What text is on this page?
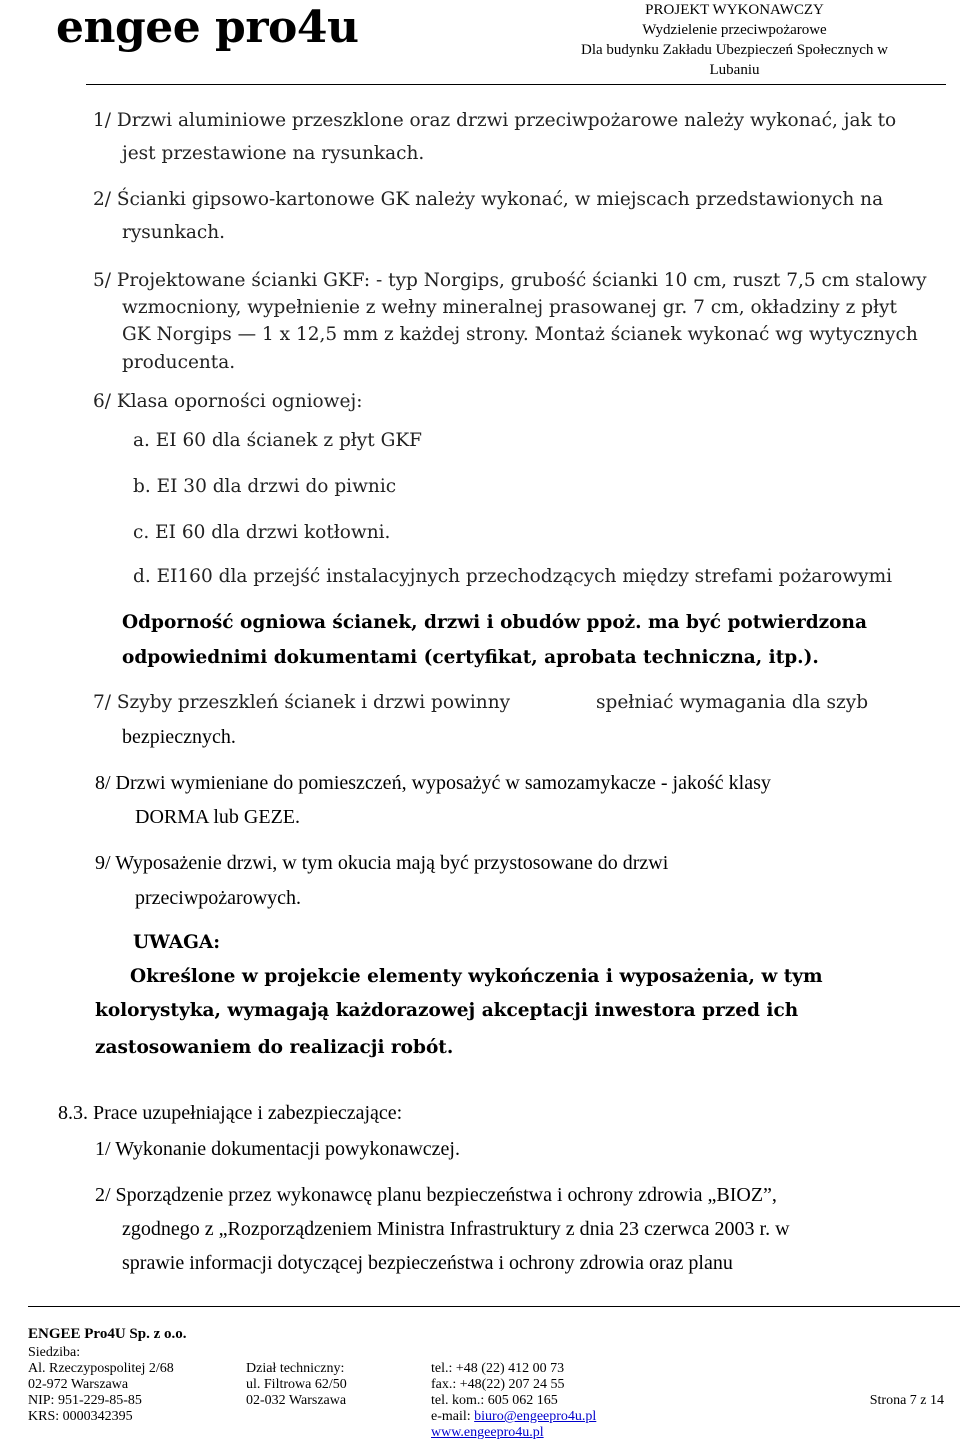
engee pro4u	PROJEKT WYKONAWCZY
Wydzielenie przeciwpożarowe
Dla budynku Zakładu Ubezpieczeń Społecznych w
Lubaniu
1/ Drzwi aluminiowe przeszklone oraz drzwi przeciwpożarowe należy wykonać, jak to
jest przestawione na rysunkach.
2/ Ścianki gipsowo-kartonowe GK należy wykonać, w miejscach przedstawionych na
rysunkach.
5/ Projektowane ścianki GKF: - typ Norgips, grubość ścianki 10 cm, ruszt 7,5 cm stalowy
wzmocniony, wypełnienie z wełny mineralnej prasowanej gr. 7 cm, okładziny z płyt
GK Norgips — 1 x 12,5 mm z każdej strony. Montaż ścianek wykonać wg wytycznych
producenta.
6/ Klasa oporności ogniowej:
a. EI 60 dla ścianek z płyt GKF
b. EI 30 dla drzwi do piwnic
c. EI 60 dla drzwi kotłowni.
d. EI160 dla przejść instalacyjnych przechodzących między strefami pożarowymi
Odporność ogniowa ścianek, drzwi i obudów ppoż. ma być potwierdzona
odpowiednimi dokumentami (certyfikat, aprobata techniczna, itp.).
7/ Szyby przeszkleń ścianek i drzwi powinny	spełniać wymagania dla szyb
bezpiecznych.
8/ Drzwi wymieniane do pomieszczeń, wyposażyć w samozamykacze - jakość klasy
DORMA lub GEZE.
9/ Wyposażenie drzwi, w tym okucia mają być przystosowane do drzwi
przeciwpożarowych.
UWAGA:
Określone w projekcie elementy wykończenia i wyposażenia, w tym
kolorystyka, wymagają każdorazowej akceptacji inwestora przed ich
zastosowaniem do realizacji robót.
8.3. Prace uzupełniające i zabezpieczające:
1/ Wykonanie dokumentacji powykonawczej.
2/ Sporządzenie przez wykonawcę planu bezpieczeństwa i ochrony zdrowia „BIOZ”,
zgodnego z „Rozporządzeniem Ministra Infrastruktury z dnia 23 czerwca 2003 r. w
sprawie informacji dotyczącej bezpieczeństwa i ochrony zdrowia oraz planu
ENGEE Pro4U Sp. z o.o.
Siedziba:
Al. Rzeczypospolitej 2/68
02-972 Warszawa
NIP: 951-229-85-85
KRS: 0000342395
Dział techniczny:
ul. Filtrowa 62/50
02-032 Warszawa
tel.: +48 (22) 412 00 73
fax.: +48(22) 207 24 55
tel. kom.: 605 062 165
e-mail: biuro@engeepro4u.pl
www.engeepro4u.pl
Strona 7 z 14
